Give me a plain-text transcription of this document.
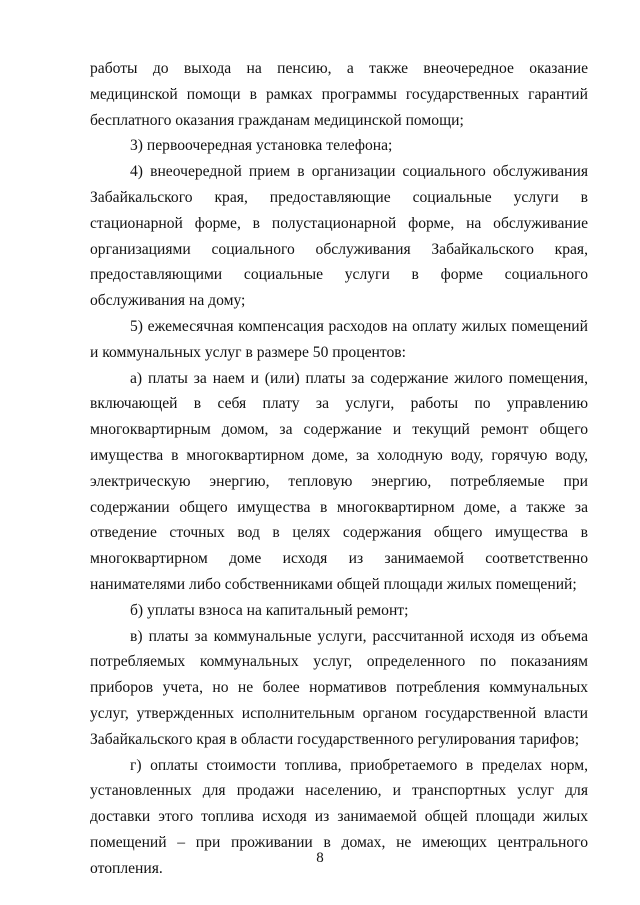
работы до выхода на пенсию, а также внеочередное оказание медицинской помощи в рамках программы государственных гарантий бесплатного оказания гражданам медицинской помощи;

3) первоочередная установка телефона;

4) внеочередной прием в организации социального обслуживания Забайкальского края, предоставляющие социальные услуги в стационарной форме, в полустационарной форме, на обслуживание организациями социального обслуживания Забайкальского края, предоставляющими социальные услуги в форме социального обслуживания на дому;

5) ежемесячная компенсация расходов на оплату жилых помещений и коммунальных услуг в размере 50 процентов:

а) платы за наем и (или) платы за содержание жилого помещения, включающей в себя плату за услуги, работы по управлению многоквартирным домом, за содержание и текущий ремонт общего имущества в многоквартирном доме, за холодную воду, горячую воду, электрическую энергию, тепловую энергию, потребляемые при содержании общего имущества в многоквартирном доме, а также за отведение сточных вод в целях содержания общего имущества в многоквартирном доме исходя из занимаемой соответственно нанимателями либо собственниками общей площади жилых помещений;

б) уплаты взноса на капитальный ремонт;

в) платы за коммунальные услуги, рассчитанной исходя из объема потребляемых коммунальных услуг, определенного по показаниям приборов учета, но не более нормативов потребления коммунальных услуг, утвержденных исполнительным органом государственной власти Забайкальского края в области государственного регулирования тарифов;

г) оплаты стоимости топлива, приобретаемого в пределах норм, установленных для продажи населению, и транспортных услуг для доставки этого топлива исходя из занимаемой общей площади жилых помещений – при проживании в домах, не имеющих центрального отопления.

8
